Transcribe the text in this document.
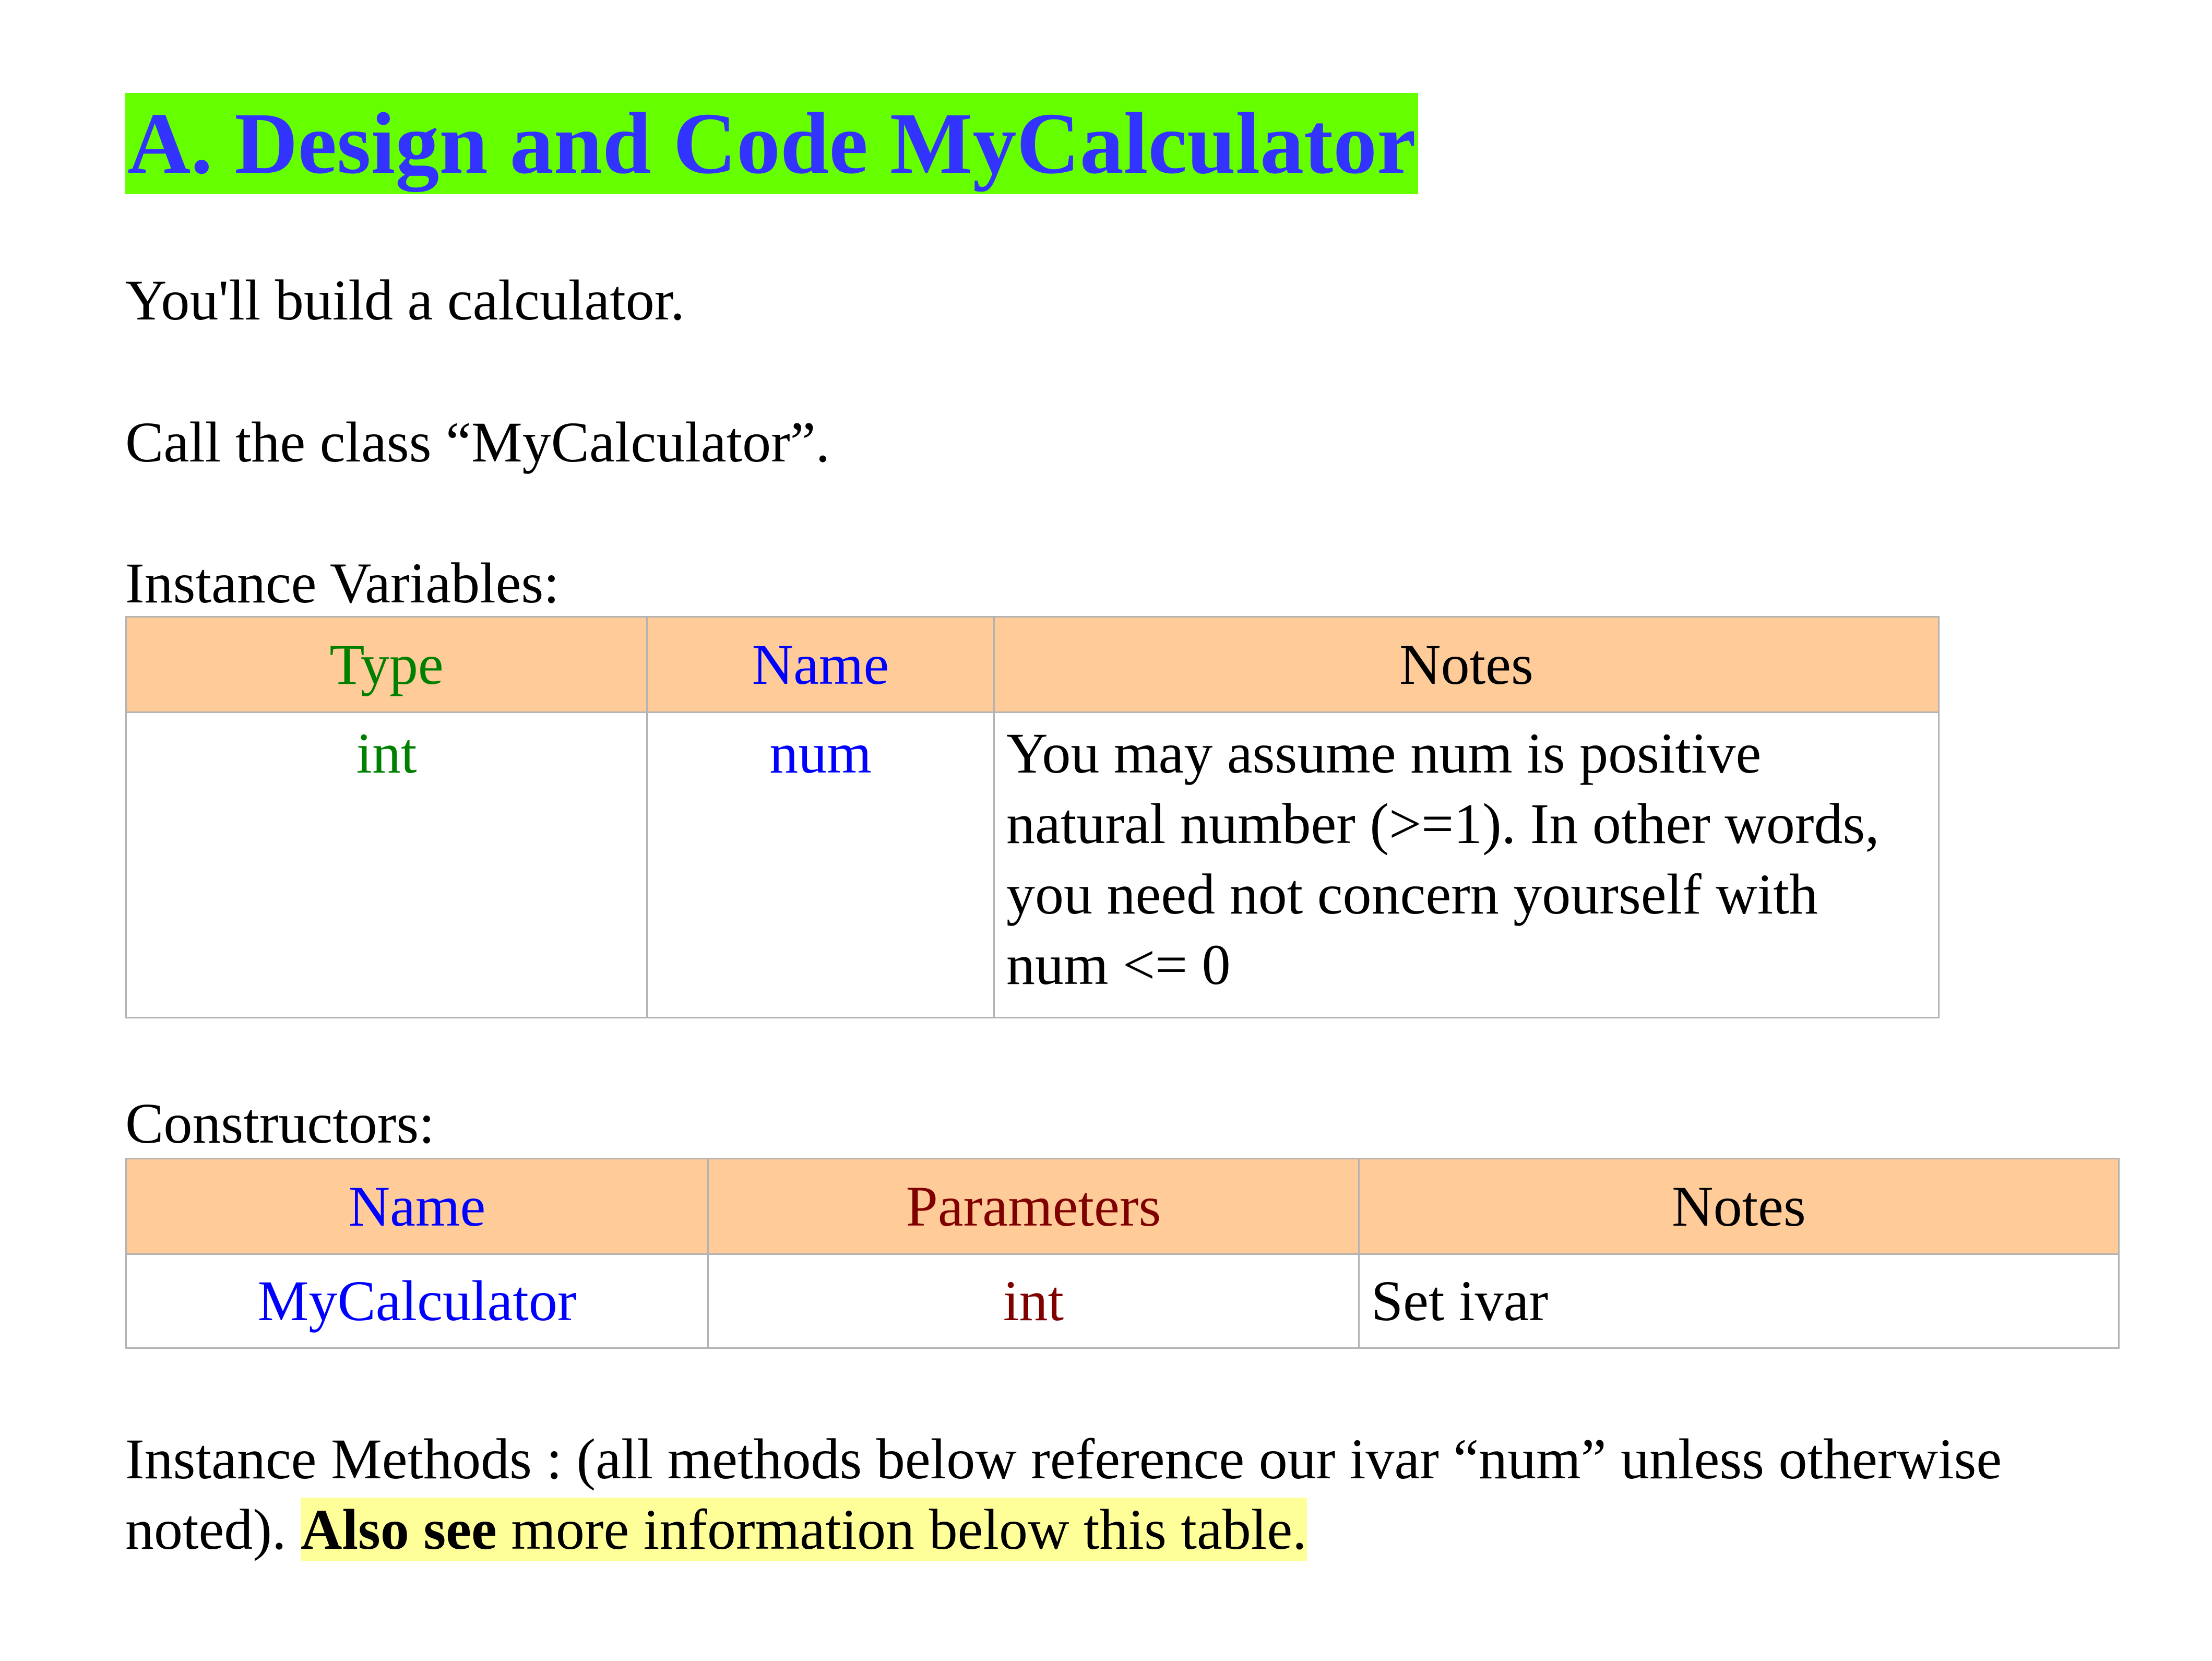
A. Design and Code MyCalculator
You'll build a calculator.
Call the class “MyCalculator”.
Instance Variables:
Type	Name	Notes
int	num	You may assume num is positive natural number (>=1). In other words, you need not concern yourself with num <= 0
Constructors:
Name	Parameters	Notes
MyCalculator	int	Set ivar
Instance Methods : (all methods below reference our ivar “num” unless otherwise noted). Also see more information below this table.
